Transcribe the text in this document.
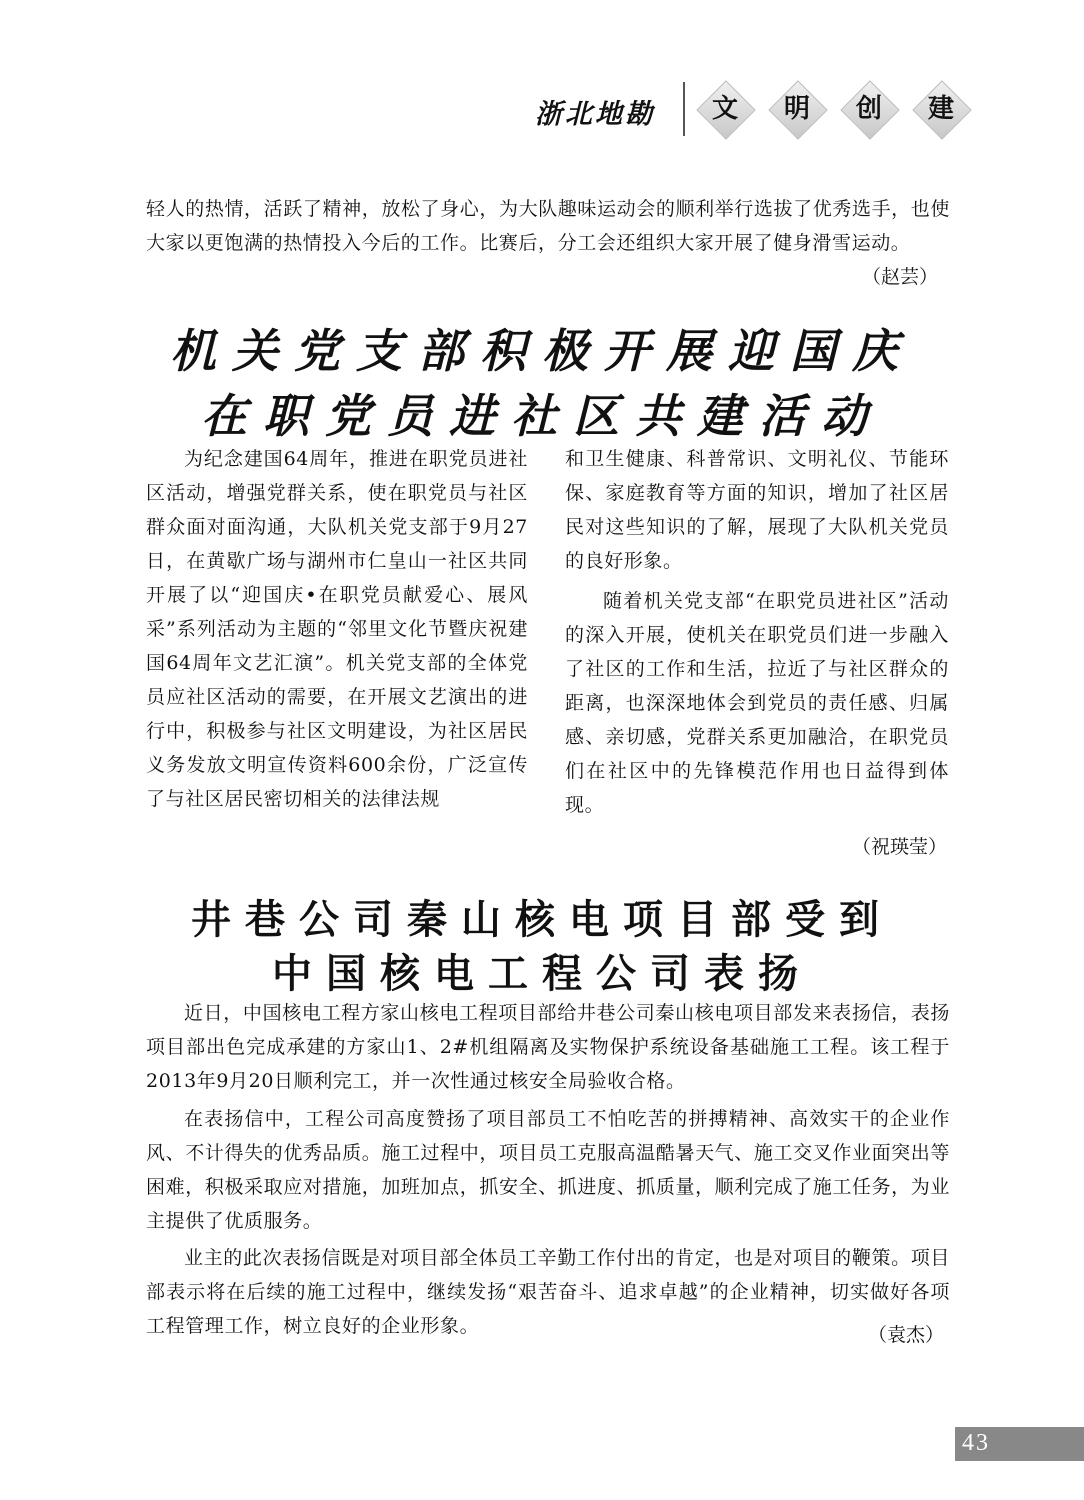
浙北地勘	文	明	创	建

轻人的热情，活跃了精神，放松了身心，为大队趣味运动会的顺利举行选拔了优秀选手，也使大家以更饱满的热情投入今后的工作。比赛后，分工会还组织大家开展了健身滑雪运动。

（赵芸）
机关党支部积极开展迎国庆
在职党员进社区共建活动

为纪念建国64周年，推进在职党员进社区活动，增强党群关系，使在职党员与社区群众面对面沟通，大队机关党支部于9月27日，在黄歇广场与湖州市仁皇山一社区共同开展了以“迎国庆•在职党员献爱心、展风采”系列活动为主题的“邻里文化节暨庆祝建国64周年文艺汇演”。机关党支部的全体党员应社区活动的需要，在开展文艺演出的进行中，积极参与社区文明建设，为社区居民义务发放文明宣传资料600余份，广泛宣传了与社区居民密切相关的法律法规

和卫生健康、科普常识、文明礼仪、节能环保、家庭教育等方面的知识，增加了社区居民对这些知识的了解，展现了大队机关党员的良好形象。

随着机关党支部“在职党员进社区”活动的深入开展，使机关在职党员们进一步融入了社区的工作和生活，拉近了与社区群众的距离，也深深地体会到党员的责任感、归属感、亲切感，党群关系更加融洽，在职党员们在社区中的先锋模范作用也日益得到体现。

（祝瑛莹）
井巷公司秦山核电项目部受到
中国核电工程公司表扬

近日，中国核电工程方家山核电工程项目部给井巷公司秦山核电项目部发来表扬信，表扬项目部出色完成承建的方家山1、2#机组隔离及实物保护系统设备基础施工工程。该工程于2013年9月20日顺利完工，并一次性通过核安全局验收合格。

在表扬信中，工程公司高度赞扬了项目部员工不怕吃苦的拼搏精神、高效实干的企业作风、不计得失的优秀品质。施工过程中，项目员工克服高温酷暑天气、施工交叉作业面突出等困难，积极采取应对措施，加班加点，抓安全、抓进度、抓质量，顺利完成了施工任务，为业主提供了优质服务。

业主的此次表扬信既是对项目部全体员工辛勤工作付出的肯定，也是对项目的鞭策。项目部表示将在后续的施工过程中，继续发扬“艰苦奋斗、追求卓越”的企业精神，切实做好各项工程管理工作，树立良好的企业形象。	（袁杰）
43
